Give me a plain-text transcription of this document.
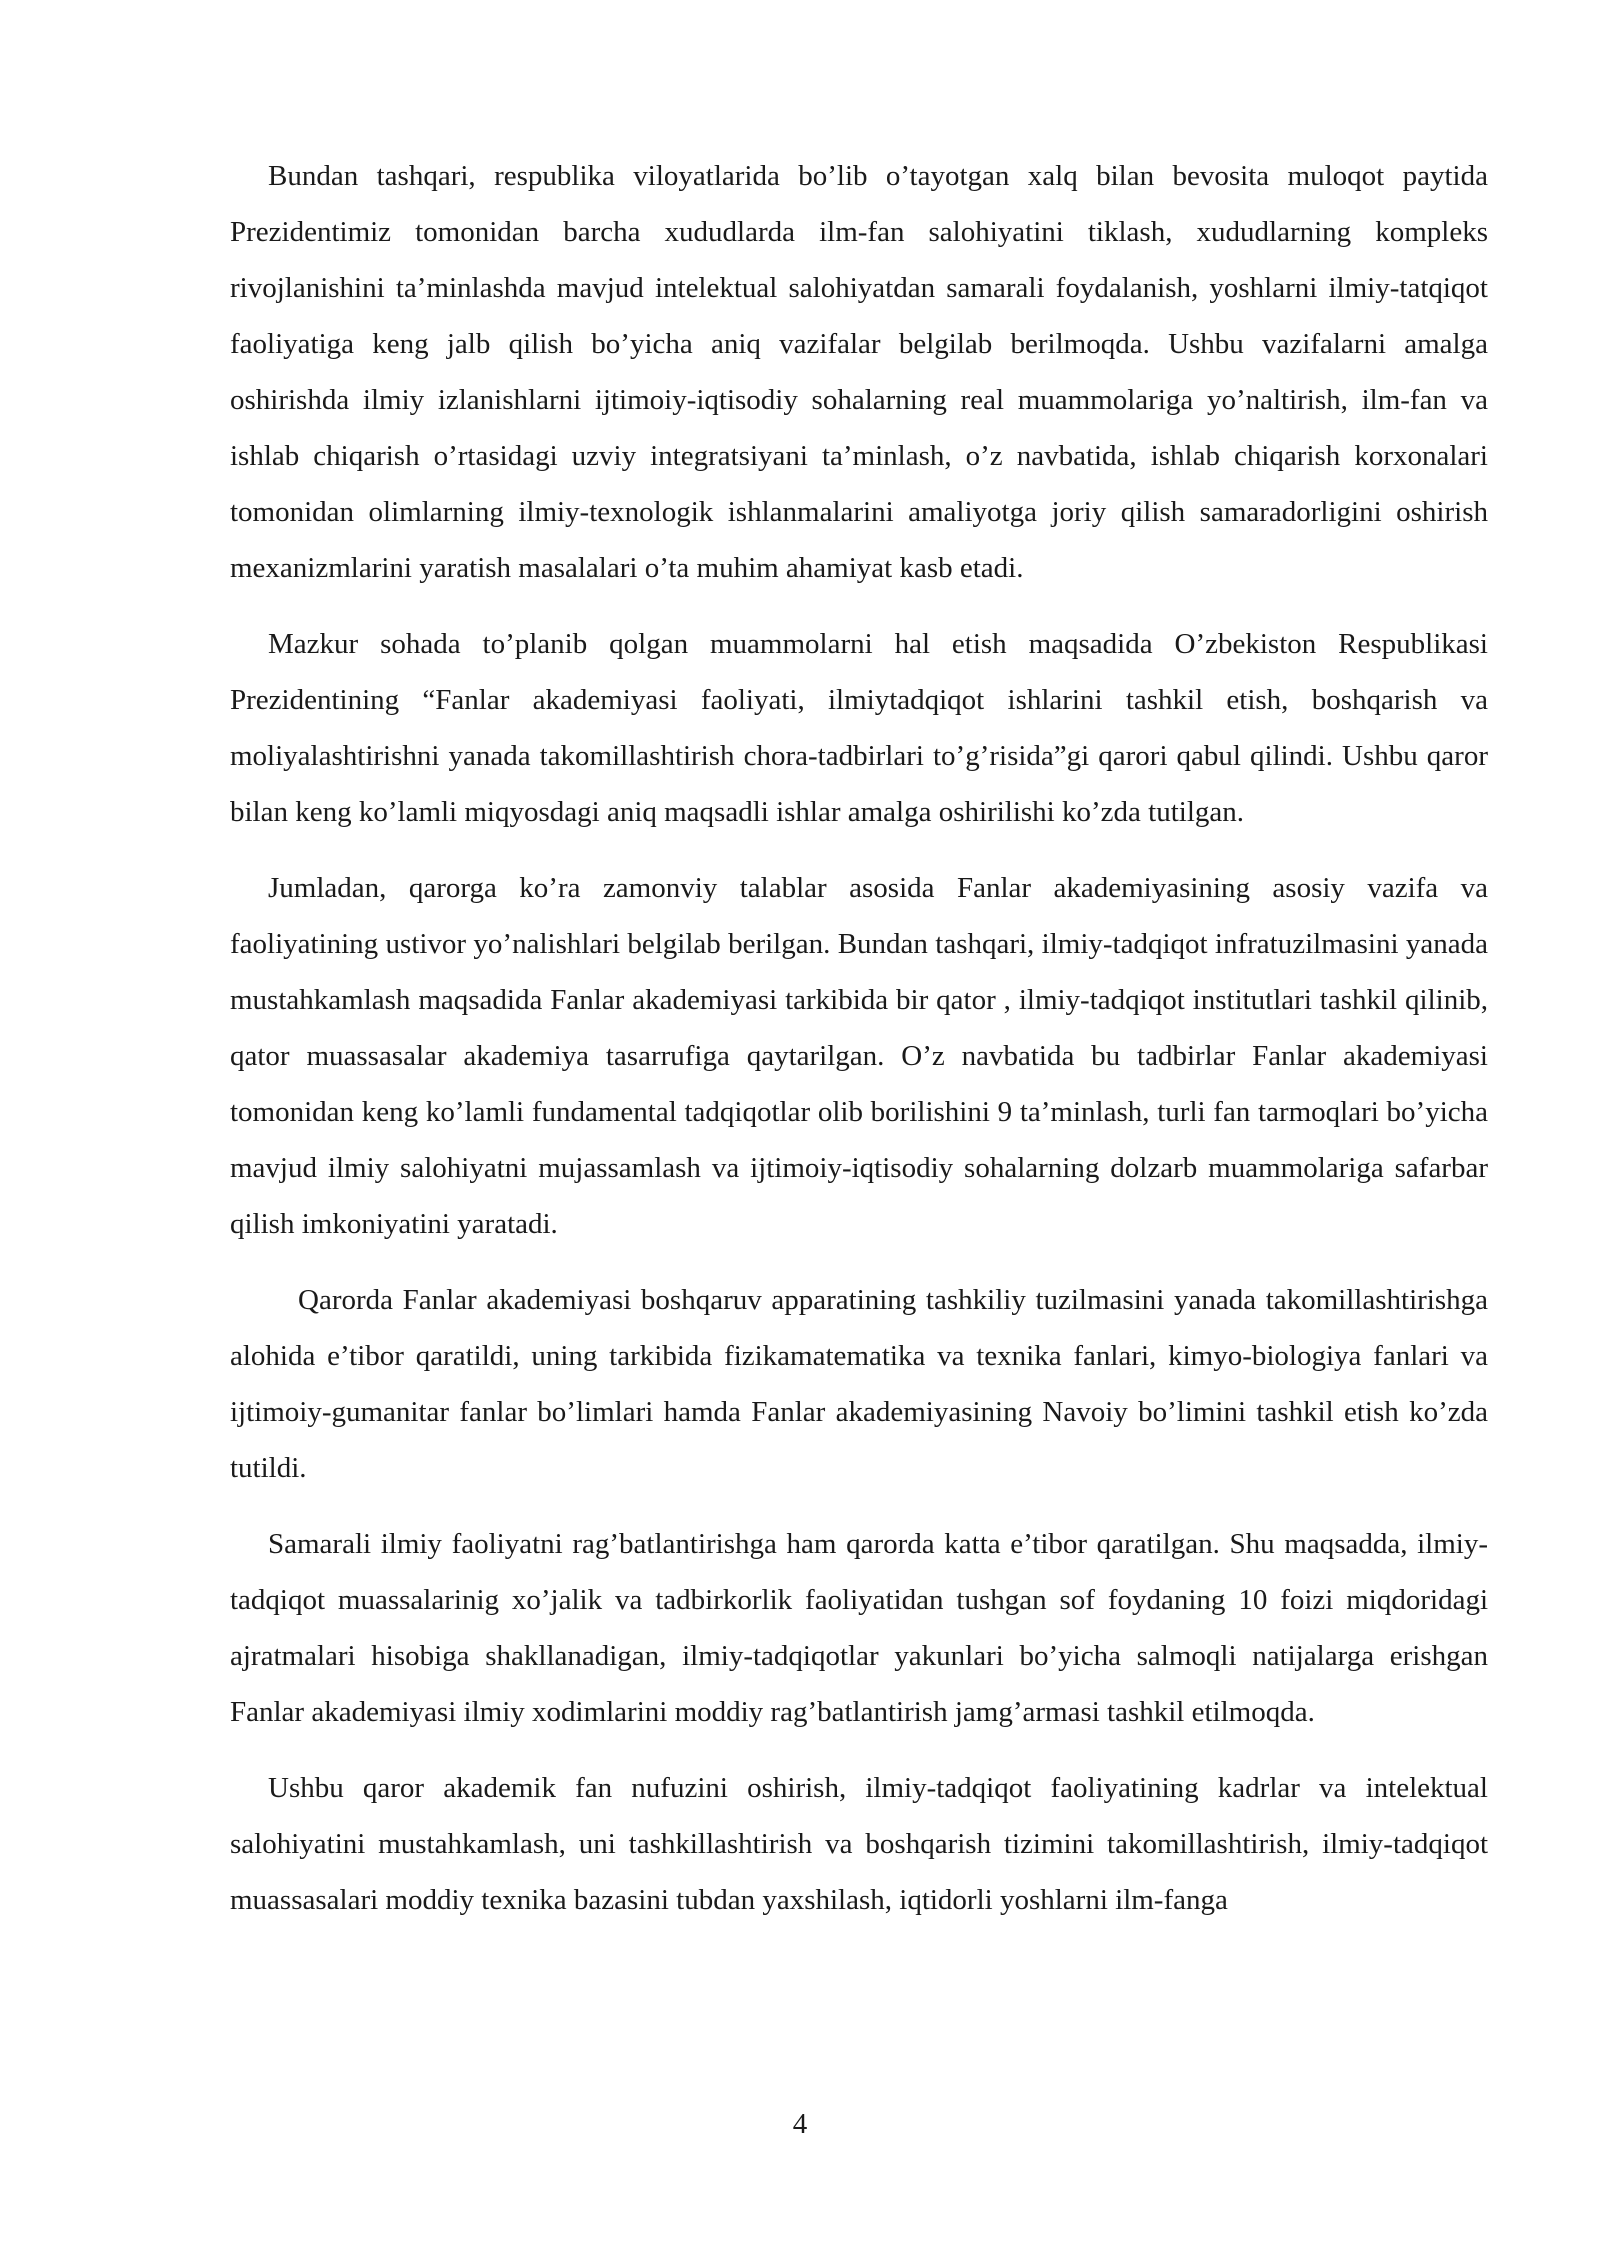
Bundan tashqari, respublika viloyatlarida bo’lib o’tayotgan xalq bilan bevosita muloqot paytida Prezidentimiz tomonidan barcha xududlarda ilm-fan salohiyatini tiklash, xududlarning kompleks rivojlanishini ta’minlashda mavjud intelektual salohiyatdan samarali foydalanish, yoshlarni ilmiy-tatqiqot faoliyatiga keng jalb qilish bo’yicha aniq vazifalar belgilab berilmoqda. Ushbu vazifalarni amalga oshirishda ilmiy izlanishlarni ijtimoiy-iqtisodiy sohalarning real muammolariga yo’naltirish, ilm-fan va ishlab chiqarish o’rtasidagi uzviy integratsiyani ta’minlash, o’z navbatida, ishlab chiqarish korxonalari tomonidan olimlarning ilmiy-texnologik ishlanmalarini amaliyotga joriy qilish samaradorligini oshirish mexanizmlarini yaratish masalalari o’ta muhim ahamiyat kasb etadi.

Mazkur sohada to’planib qolgan muammolarni hal etish maqsadida O’zbekiston Respublikasi Prezidentining “Fanlar akademiyasi faoliyati, ilmiytadqiqot ishlarini tashkil etish, boshqarish va moliyalashtirishni yanada takomillashtirish chora-tadbirlari to’g’risida”gi qarori qabul qilindi. Ushbu qaror bilan keng ko’lamli miqyosdagi aniq maqsadli ishlar amalga oshirilishi ko’zda tutilgan.

Jumladan, qarorga ko’ra zamonviy talablar asosida Fanlar akademiyasining asosiy vazifa va faoliyatining ustivor yo’nalishlari belgilab berilgan. Bundan tashqari, ilmiy-tadqiqot infratuzilmasini yanada mustahkamlash maqsadida Fanlar akademiyasi tarkibida bir qator , ilmiy-tadqiqot institutlari tashkil qilinib, qator muassasalar akademiya tasarrufiga qaytarilgan. O’z navbatida bu tadbirlar Fanlar akademiyasi tomonidan keng ko’lamli fundamental tadqiqotlar olib borilishini 9 ta’minlash, turli fan tarmoqlari bo’yicha mavjud ilmiy salohiyatni mujassamlash va ijtimoiy-iqtisodiy sohalarning dolzarb muammolariga safarbar qilish imkoniyatini yaratadi.

Qarorda Fanlar akademiyasi boshqaruv apparatining tashkiliy tuzilmasini yanada takomillashtirishga alohida e’tibor qaratildi, uning tarkibida fizikamatematika va texnika fanlari, kimyo-biologiya fanlari va ijtimoiy-gumanitar fanlar bo’limlari hamda Fanlar akademiyasining Navoiy bo’limini tashkil etish ko’zda tutildi.

Samarali ilmiy faoliyatni rag’batlantirishga ham qarorda katta e’tibor qaratilgan. Shu maqsadda, ilmiy-tadqiqot muassalarinig xo’jalik va tadbirkorlik faoliyatidan tushgan sof foydaning 10 foizi miqdoridagi ajratmalari hisobiga shakllanadigan, ilmiy-tadqiqotlar yakunlari bo’yicha salmoqli natijalarga erishgan Fanlar akademiyasi ilmiy xodimlarini moddiy rag’batlantirish jamg’armasi tashkil etilmoqda.

Ushbu qaror akademik fan nufuzini oshirish, ilmiy-tadqiqot faoliyatining kadrlar va intelektual salohiyatini mustahkamlash, uni tashkillashtirish va boshqarish tizimini takomillashtirish, ilmiy-tadqiqot muassasalari moddiy texnika bazasini tubdan yaxshilash, iqtidorli yoshlarni ilm-fanga

4
